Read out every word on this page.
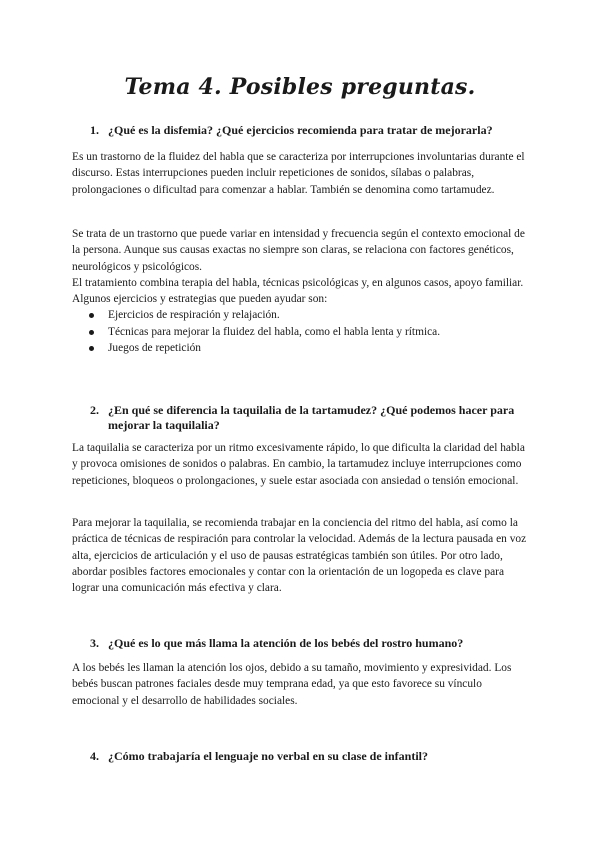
Tema 4. Posibles preguntas.
1. ¿Qué es la disfemia? ¿Qué ejercicios recomienda para tratar de mejorarla?

Es un trastorno de la fluidez del habla que se caracteriza por interrupciones involuntarias durante el discurso. Estas interrupciones pueden incluir repeticiones de sonidos, sílabas o palabras, prolongaciones o dificultad para comenzar a hablar. También se denomina como tartamudez.

Se trata de un trastorno que puede variar en intensidad y frecuencia según el contexto emocional de la persona. Aunque sus causas exactas no siempre son claras, se relaciona con factores genéticos, neurológicos y psicológicos.

El tratamiento combina terapia del habla, técnicas psicológicas y, en algunos casos, apoyo familiar. Algunos ejercicios y estrategias que pueden ayudar son:

Ejercicios de respiración y relajación.
Técnicas para mejorar la fluidez del habla, como el habla lenta y rítmica.
Juegos de repetición
2. ¿En qué se diferencia la taquilalia de la tartamudez? ¿Qué podemos hacer para mejorar la taquilalia?

La taquilalia se caracteriza por un ritmo excesivamente rápido, lo que dificulta la claridad del habla y provoca omisiones de sonidos o palabras. En cambio, la tartamudez incluye interrupciones como repeticiones, bloqueos o prolongaciones, y suele estar asociada con ansiedad o tensión emocional.

Para mejorar la taquilalia, se recomienda trabajar en la conciencia del ritmo del habla, así como la práctica de técnicas de respiración para controlar la velocidad. Además de la lectura pausada en voz alta, ejercicios de articulación y el uso de pausas estratégicas también son útiles. Por otro lado, abordar posibles factores emocionales y contar con la orientación de un logopeda es clave para lograr una comunicación más efectiva y clara.

3. ¿Qué es lo que más llama la atención de los bebés del rostro humano?

A los bebés les llaman la atención los ojos, debido a su tamaño, movimiento y expresividad. Los bebés buscan patrones faciales desde muy temprana edad, ya que esto favorece su vínculo emocional y el desarrollo de habilidades sociales.

4. ¿Cómo trabajaría el lenguaje no verbal en su clase de infantil?
